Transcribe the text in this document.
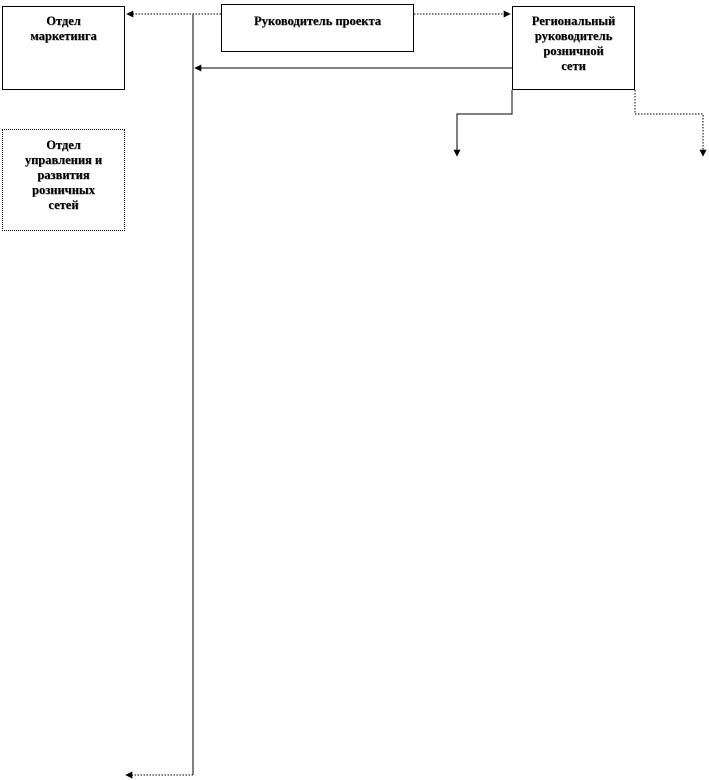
Отдел
маркетинга
Отдел
управления и
развития
розничных
сетей
Руководитель проекта	Региональный
руководитель
розничной
сети
